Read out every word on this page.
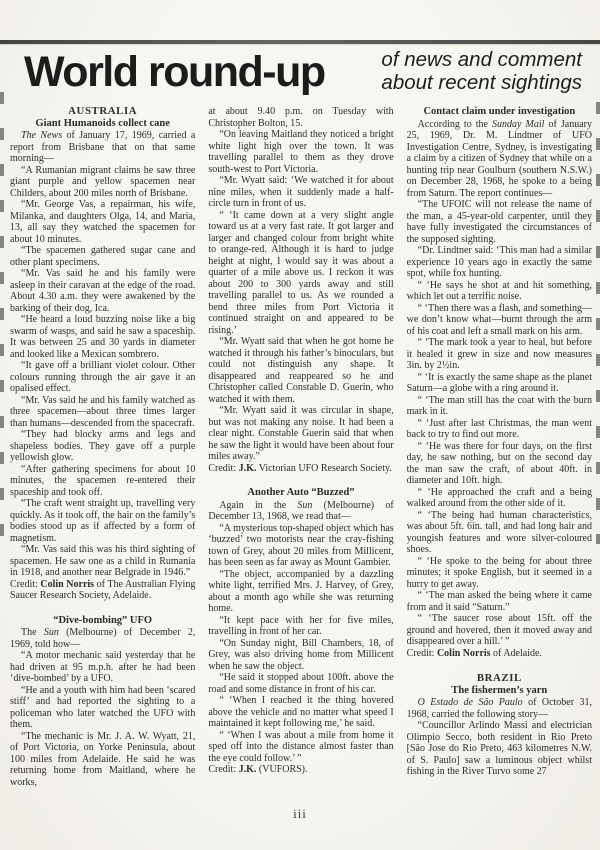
World round-up	of news and comment
about recent sightings

AUSTRALIA

Giant Humanoids collect cane

The News of January 17, 1969, carried a report from Brisbane that on that same morning—

“A Rumanian migrant claims he saw three giant purple and yellow spacemen near Childers, about 200 miles north of Brisbane.

“Mr. George Vas, a repairman, his wife, Milanka, and daughters Olga, 14, and Maria, 13, all say they watched the spacemen for about 10 minutes.

“The spacemen gathered sugar cane and other plant specimens.

“Mr. Vas said he and his family were asleep in their caravan at the edge of the road. About 4.30 a.m. they were awakened by the barking of their dog, Ica.

“He heard a loud buzzing noise like a big swarm of wasps, and said he saw a spaceship. It was between 25 and 30 yards in diameter and looked like a Mexican sombrero.

“It gave off a brilliant violet colour. Other colours running through the air gave it an opalised effect.

“Mr. Vas said he and his family watched as three spacemen—about three times larger than humans—descended from the spacecraft.

“They had blocky arms and legs and shapeless bodies. They gave off a purple yellowish glow.

“After gathering specimens for about 10 minutes, the spacemen re-entered their spaceship and took off.

“The craft went straight up, travelling very quickly. As it took off, the hair on the family’s bodies stood up as if affected by a form of magnetism.

“Mr. Vas said this was his third sighting of spacemen. He saw one as a child in Rumania in 1918, and another near Belgrade in 1946.”

Credit: Colin Norris of The Australian Flying Saucer Research Society, Adelaide.

“Dive-bombing” UFO

The Sun (Melbourne) of December 2, 1969, told how—

“A motor mechanic said yesterday that he had driven at 95 m.p.h. after he had been ‘dive-bombed’ by a UFO.

“He and a youth with him had been ‘scared stiff’ and had reported the sighting to a policeman who later watched the UFO with them.

“The mechanic is Mr. J. A. W. Wyatt, 21, of Port Victoria, on Yorke Peninsula, about 100 miles from Adelaide. He said he was returning home from Maitland, where he works,

at about 9.40 p.m. on Tuesday with Christopher Bolton, 15.

“On leaving Maitland they noticed a bright white light high over the town. It was travelling parallel to them as they drove south-west to Port Victoria.

“Mr. Wyatt said: ‘We watched it for about nine miles, when it suddenly made a half-circle turn in front of us.

“ ‘It came down at a very slight angle toward us at a very fast rate. It got larger and larger and changed colour from bright white to orange-red. Although it is hard to judge height at night, I would say it was about a quarter of a mile above us. I reckon it was about 200 to 300 yards away and still travelling parallel to us. As we rounded a bend three miles from Port Victoria it continued straight on and appeared to be rising.’

“Mr. Wyatt said that when he got home he watched it through his father’s binoculars, but could not distinguish any shape. It disappeared and reappeared so he and Christopher called Constable D. Guerin, who watched it with them.

“Mr. Wyatt said it was circular in shape, but was not making any noise. It had been a clear night. Constable Guerin said that when he saw the light it would have been about four miles away.”

Credit: J.K. Victorian UFO Research Society.

Another Auto “Buzzed”

Again in the Sun (Melbourne) of December 13, 1968, we read that—

“A mysterious top-shaped object which has ‘buzzed’ two motorists near the cray-fishing town of Grey, about 20 miles from Millicent, has been seen as far away as Mount Gambier.

“The object, accompanied by a dazzling white light, terrified Mrs. J. Harvey, of Grey, about a month ago while she was returning home.

“It kept pace with her for five miles, travelling in front of her car.

“On Sunday night, Bill Chambers, 18, of Grey, was also driving home from Millicent when he saw the object.

“He said it stopped about 100ft. above the road and some distance in front of his car.

“ ‘When I reached it the thing hovered above the vehicle and no matter what speed I maintained it kept following me,’ he said.

“ ‘When I was about a mile from home it sped off into the distance almost faster than the eye could follow.’ ”

Credit: J.K. (VUFORS).

Contact claim under investigation

According to the Sunday Mail of January 25, 1969, Dr. M. Lindtner of UFO Investigation Centre, Sydney, is investigating a claim by a citizen of Sydney that while on a hunting trip near Goulburn (southern N.S.W.) on December 28, 1968, he spoke to a being from Saturn. The report continues—

“The UFOIC will not release the name of the man, a 45-year-old carpenter, until they have fully investigated the circumstances of the supposed sighting.

“Dr. Lindtner said: ‘This man had a similar experience 10 years ago in exactly the same spot, while fox hunting.

“ ‘He says he shot at and hit something, which let out a terrific noise.

“ ‘Then there was a flash, and something—we don’t know what—burnt through the arm of his coat and left a small mark on his arm.

“ ‘The mark took a year to heal, but before it healed it grew in size and now measures 3in. by 2½in.

“ ‘It is exactly the same shape as the planet Saturn—a globe with a ring around it.

“ ‘The man still has the coat with the burn mark in it.

“ ‘Just after last Christmas, the man went back to try to find out more.

“ ‘He was there for four days, on the first day, he saw nothing, but on the second day the man saw the craft, of about 40ft. in diameter and 10ft. high.

“ ‘He approached the craft and a being walked around from the other side of it.

“ ‘The being had human characteristics, was about 5ft. 6in. tall, and had long hair and youngish features and wore silver-coloured shoes.

“ ‘He spoke to the being for about three minutes; it spoke English, but it seemed in a hurry to get away.

“ ‘The man asked the being where it came from and it said “Saturn.”

“ ‘The saucer rose about 15ft. off the ground and hovered, then it moved away and disappeared over a hill.’ ”

Credit: Colin Norris of Adelaide.

BRAZIL

The fishermen’s yarn

O Estado de São Paulo of October 31, 1968, carried the following story—

“Councillor Arlindo Massi and electrician Olimpio Secco, both resident in Rio Preto [São Jose do Rio Preto, 463 kilometres N.W. of S. Paulo] saw a luminous object whilst fishing in the River Turvo some 27

iii
